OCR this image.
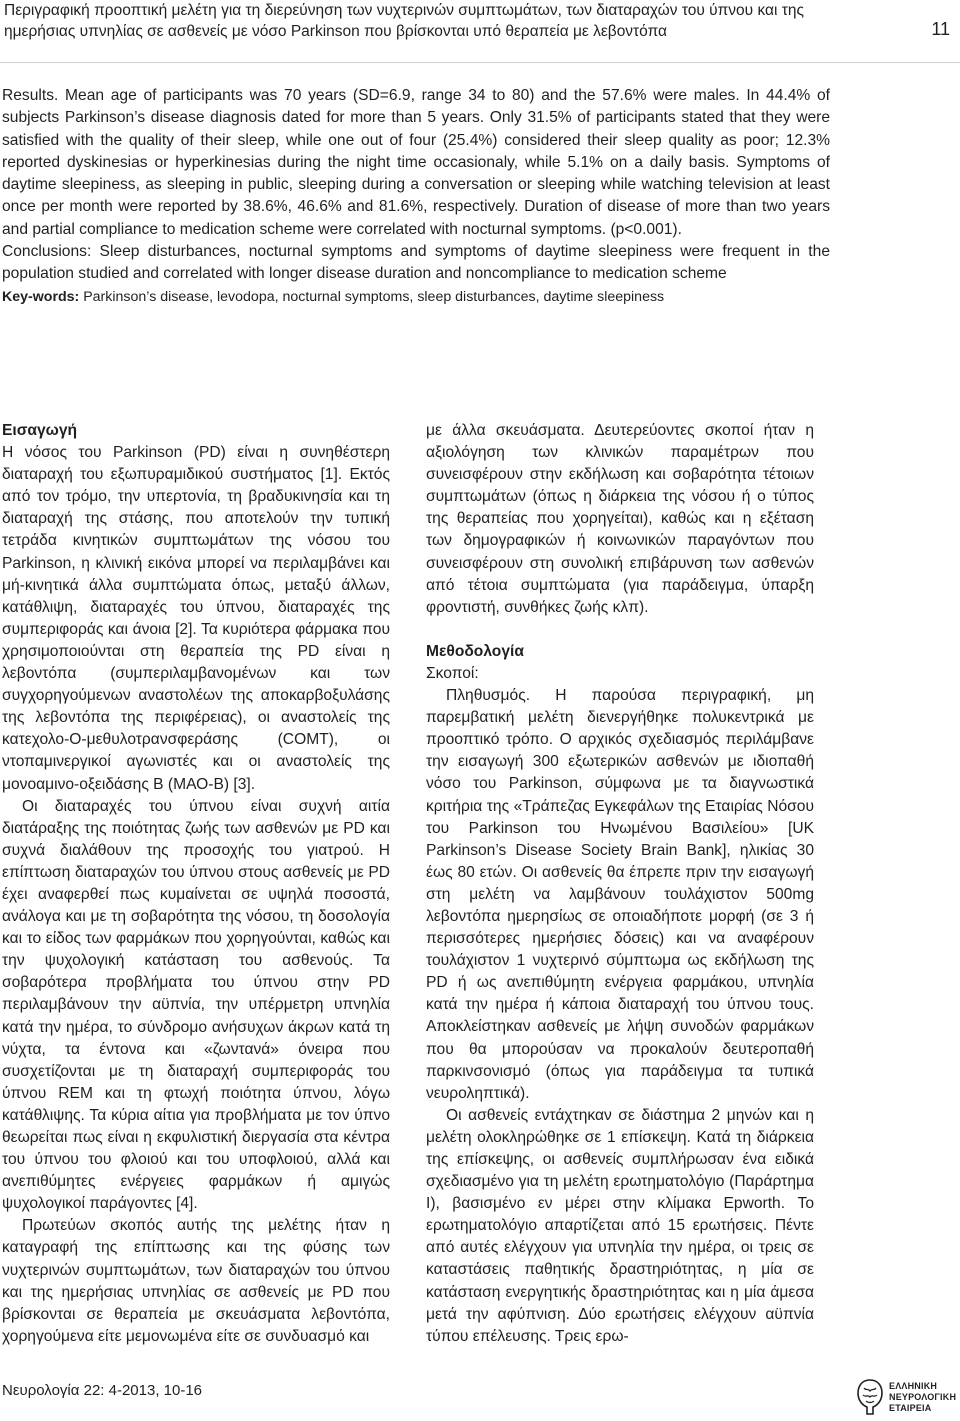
Περιγραφική προοπτική μελέτη για τη διερεύνηση των νυχτερινών συμπτωμάτων, των διαταραχών του ύπνου και της ημερήσιας υπνηλίας σε ασθενείς με νόσο Parkinson που βρίσκονται υπό θεραπεία με λεβοντόπα	11

Results. Mean age of participants was 70 years (SD=6.9, range 34 to 80) and the 57.6% were males. In 44.4% of subjects Parkinson’s disease diagnosis dated for more than 5 years. Only 31.5% of participants stated that they were satisfied with the quality of their sleep, while one out of four (25.4%) considered their sleep quality as poor; 12.3% reported dyskinesias or hyperkinesias during the night time occasionaly, while 5.1% on a daily basis. Symptoms of daytime sleepiness, as sleeping in public, sleeping during a conversation or sleeping while watching television at least once per month were reported by 38.6%, 46.6% and 81.6%, respectively. Duration of disease of more than two years and partial compliance to medication scheme were correlated with nocturnal symptoms. (p<0.001).

Conclusions: Sleep disturbances, nocturnal symptoms and symptoms of daytime sleepiness were frequent in the population studied and correlated with longer disease duration and noncompliance to medication scheme

Key-words: Parkinson’s disease, levodopa, nocturnal symptoms, sleep disturbances, daytime sleepiness

Εισαγωγή

Η νόσος του Parkinson (PD) είναι η συνηθέστερη διαταραχή του εξωπυραμιδικού συστήματος [1]. Εκτός από τον τρόμο, την υπερτονία, τη βραδυκινησία και τη διαταραχή της στάσης, που αποτελούν την τυπική τετράδα κινητικών συμπτωμάτων της νόσου του Parkinson, η κλινική εικόνα μπορεί να περιλαμβάνει και μή-κινητικά άλλα συμπτώματα όπως, μεταξύ άλλων, κατάθλιψη, διαταραχές του ύπνου, διαταραχές της συμπεριφοράς και άνοια [2]. Τα κυριότερα φάρμακα που χρησιμοποιούνται στη θεραπεία της PD είναι η λεβοντόπα (συμπεριλαμβανομένων και των συγχορηγούμενων αναστολέων της αποκαρβοξυλάσης της λεβοντόπα της περιφέρειας), οι αναστολείς της κατεχολο-Ο-μεθυλοτρανσφεράσης (COMT), οι ντοπαμινεργικοί αγωνιστές και οι αναστολείς της μονοαμινο-οξειδάσης Β (ΜΑΟ-Β) [3].

Οι διαταραχές του ύπνου είναι συχνή αιτία διατάραξης της ποιότητας ζωής των ασθενών με PD και συχνά διαλάθουν της προσοχής του γιατρού. Η επίπτωση διαταραχών του ύπνου στους ασθενείς με PD έχει αναφερθεί πως κυμαίνεται σε υψηλά ποσοστά, ανάλογα και με τη σοβαρότητα της νόσου, τη δοσολογία και το είδος των φαρμάκων που χορηγούνται, καθώς και την ψυχολογική κατάσταση του ασθενούς. Τα σοβαρότερα προβλήματα του ύπνου στην PD περιλαμβάνουν την αϋπνία, την υπέρμετρη υπνηλία κατά την ημέρα, το σύνδρομο ανήσυχων άκρων κατά τη νύχτα, τα έντονα και «ζωντανά» όνειρα που συσχετίζονται με τη διαταραχή συμπεριφοράς του ύπνου REM και τη φτωχή ποιότητα ύπνου, λόγω κατάθλιψης. Τα κύρια αίτια για προβλήματα με τον ύπνο θεωρείται πως είναι η εκφυλιστική διεργασία στα κέντρα του ύπνου του φλοιού και του υποφλοιού, αλλά και ανεπιθύμητες ενέργειες φαρμάκων ή αμιγώς ψυχολογικοί παράγοντες [4].

Πρωτεύων σκοπός αυτής της μελέτης ήταν η καταγραφή της επίπτωσης και της φύσης των νυχτερινών συμπτωμάτων, των διαταραχών του ύπνου και της ημερήσιας υπνηλίας σε ασθενείς με PD που βρίσκονται σε θεραπεία με σκευάσματα λεβοντόπα, χορηγούμενα είτε μεμονωμένα είτε σε συνδυασμό και

με άλλα σκευάσματα. Δευτερεύοντες σκοποί ήταν η αξιολόγηση των κλινικών παραμέτρων που συνεισφέρουν στην εκδήλωση και σοβαρότητα τέτοιων συμπτωμάτων (όπως η διάρκεια της νόσου ή ο τύπος της θεραπείας που χορηγείται), καθώς και η εξέταση των δημογραφικών ή κοινωνικών παραγόντων που συνεισφέρουν στη συνολική επιβάρυνση των ασθενών από τέτοια συμπτώματα (για παράδειγμα, ύπαρξη φροντιστή, συνθήκες ζωής κλπ).

Μεθοδολογία

Σκοποί:

Πληθυσμός. Η παρούσα περιγραφική, μη παρεμβατική μελέτη διενεργήθηκε πολυκεντρικά με προοπτικό τρόπο. Ο αρχικός σχεδιασμός περιλάμβανε την εισαγωγή 300 εξωτερικών ασθενών με ιδιοπαθή νόσο του Parkinson, σύμφωνα με τα διαγνωστικά κριτήρια της «Τράπεζας Εγκεφάλων της Εταιρίας Νόσου του Parkinson του Ηνωμένου Βασιλείου» [UK Parkinson’s Disease Society Brain Bank], ηλικίας 30 έως 80 ετών. Οι ασθενείς θα έπρεπε πριν την εισαγωγή στη μελέτη να λαμβάνουν τουλάχιστον 500mg λεβοντόπα ημερησίως σε οποιαδήποτε μορφή (σε 3 ή περισσότερες ημερήσιες δόσεις) και να αναφέρουν τουλάχιστον 1 νυχτερινό σύμπτωμα ως εκδήλωση της PD ή ως ανεπιθύμητη ενέργεια φαρμάκου, υπνηλία κατά την ημέρα ή κάποια διαταραχή του ύπνου τους. Αποκλείστηκαν ασθενείς με λήψη συνοδών φαρμάκων που θα μπορούσαν να προκαλούν δευτεροπαθή παρκινσονισμό (όπως για παράδειγμα τα τυπικά νευροληπτικά).

Οι ασθενείς εντάχτηκαν σε διάστημα 2 μηνών και η μελέτη ολοκληρώθηκε σε 1 επίσκεψη. Κατά τη διάρκεια της επίσκεψης, οι ασθενείς συμπλήρωσαν ένα ειδικά σχεδιασμένο για τη μελέτη ερωτηματολόγιο (Παράρτημα Ι), βασισμένο εν μέρει στην κλίμακα Epworth. Το ερωτηματολόγιο απαρτίζεται από 15 ερωτήσεις. Πέντε από αυτές ελέγχουν για υπνηλία την ημέρα, οι τρεις σε καταστάσεις παθητικής δραστηριότητας, η μία σε κατάσταση ενεργητικής δραστηριότητας και η μία άμεσα μετά την αφύπνιση. Δύο ερωτήσεις ελέγχουν αϋπνία τύπου επέλευσης. Τρεις ερω-

Νευρολογία 22: 4-2013, 10-16	ΕΛΛΗΝΙΚΗ
ΝΕΥΡΟΛΟΓΙΚΗ
ΕΤΑΙΡΕΙΑ
